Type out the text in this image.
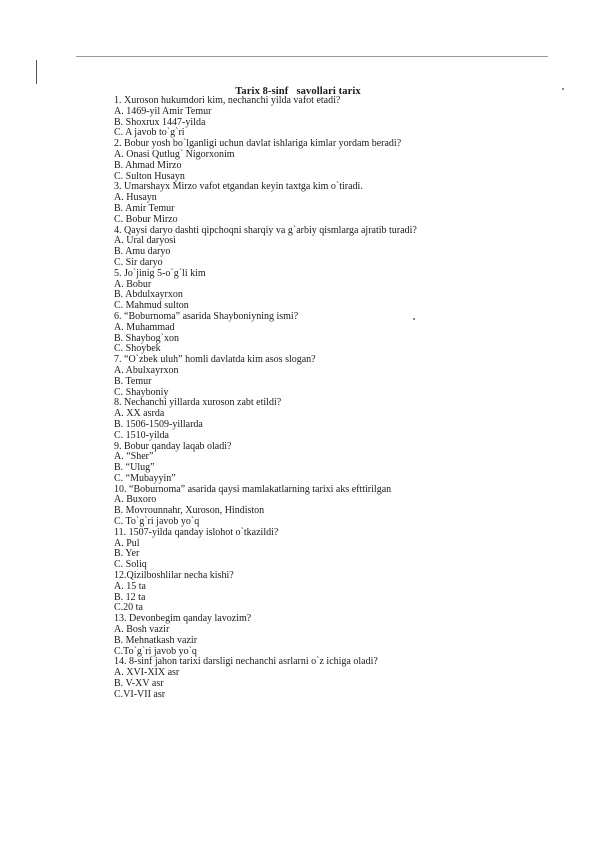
Tarix 8-sinf   savollari tarix

1. Xuroson hukumdori kim, nechanchi yilda vafot etadi?

A. 1469-yil Amir Temur

B. Shoxrux 1447-yilda

C. A javob to`g`ri

2. Bobur yosh bo`lganligi uchun davlat ishlariga kimlar yordam beradi?

A. Onasi Qutlug` Nigorxonim

B. Ahmad Mirzo

C. Sulton Husayn

3. Umarshayx Mirzo vafot etgandan keyin taxtga kim o`tiradi.

A. Husayn

B. Amir Temur

C. Bobur Mirzo

4. Qaysi daryo dashti qipchoqni sharqiy va g`arbiy qismlarga ajratib turadi?

A. Ural daryosi

B. Amu daryo

C. Sir daryo

5. Jo`jinig 5-o`g`li kim

A. Bobur

B. Abdulxayrxon

C. Mahmud sulton

6. “Boburnoma” asarida Shayboniyning ismi?

A. Muhammad

B. Shaybog`xon

C. Shoybek

7. “O`zbek uluh” homli davlatda kim asos slogan?

A. Abulxayrxon

B. Temur

C. Shayboniy

8. Nechanchi yillarda xuroson zabt etildi?

A. XX asrda

B. 1506-1509-yillarda

C. 1510-yilda

9. Bobur qanday laqab oladi?

A. “Sher”

B. “Ulug”

C. “Mubayyin”

10. “Boburnoma” asarida qaysi mamlakatlarning tarixi aks efttirilgan

A. Buxoro

B. Movrounnahr, Xuroson, Hindiston

C. To`g`ri javob yo`q

11. 1507-yilda qanday islohot o`tkazildi?

A. Pul

B. Yer

C. Soliq

12.Qizilboshlilar necha kishi?

A. 15 ta

B. 12 ta

C.20 ta

13. Devonbegim qanday lavozim?

A. Bosh vazir

B. Mehnatkash vazir

C.To`g`ri javob yo`q

14. 8-sinf jahon tarixi darsligi nechanchi asrlarni o`z ichiga oladi?

A. XVI-XIX asr

B. V-XV asr

C.VI-VII asr
